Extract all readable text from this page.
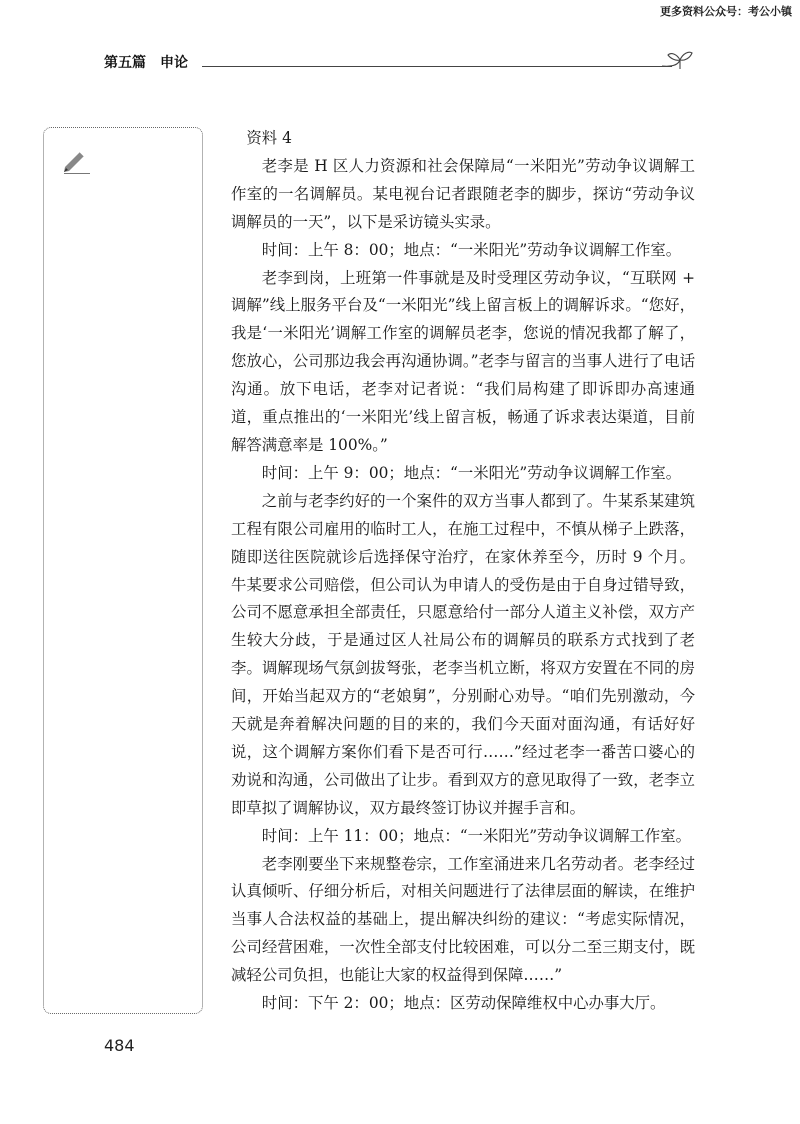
更多资料公众号：考公小镇
第五篇 申论

资料 4

老李是 H 区人力资源和社会保障局“一米阳光”劳动争议调解工作室的一名调解员。某电视台记者跟随老李的脚步，探访“劳动争议调解员的一天”，以下是采访镜头实录。

时间：上午 8：00；地点：“一米阳光”劳动争议调解工作室。

老李到岗，上班第一件事就是及时受理区劳动争议，“互联网 + 调解”线上服务平台及“一米阳光”线上留言板上的调解诉求。“您好，我是‘一米阳光’调解工作室的调解员老李，您说的情况我都了解了，您放心，公司那边我会再沟通协调。”老李与留言的当事人进行了电话沟通。放下电话，老李对记者说：“我们局构建了即诉即办高速通道，重点推出的‘一米阳光’线上留言板，畅通了诉求表达渠道，目前解答满意率是 100%。”

时间：上午 9：00；地点：“一米阳光”劳动争议调解工作室。

之前与老李约好的一个案件的双方当事人都到了。牛某系某建筑工程有限公司雇用的临时工人，在施工过程中，不慎从梯子上跌落，随即送往医院就诊后选择保守治疗，在家休养至今，历时 9 个月。牛某要求公司赔偿，但公司认为申请人的受伤是由于自身过错导致，公司不愿意承担全部责任，只愿意给付一部分人道主义补偿，双方产生较大分歧，于是通过区人社局公布的调解员的联系方式找到了老李。调解现场气氛剑拔弩张，老李当机立断，将双方安置在不同的房间，开始当起双方的“老娘舅”，分别耐心劝导。“咱们先别激动，今天就是奔着解决问题的目的来的，我们今天面对面沟通，有话好好说，这个调解方案你们看下是否可行……”经过老李一番苦口婆心的劝说和沟通，公司做出了让步。看到双方的意见取得了一致，老李立即草拟了调解协议，双方最终签订协议并握手言和。

时间：上午 11：00；地点：“一米阳光”劳动争议调解工作室。

老李刚要坐下来规整卷宗，工作室涌进来几名劳动者。老李经过认真倾听、仔细分析后，对相关问题进行了法律层面的解读，在维护当事人合法权益的基础上，提出解决纠纷的建议：“考虑实际情况，公司经营困难，一次性全部支付比较困难，可以分二至三期支付，既减轻公司负担，也能让大家的权益得到保障……”

时间：下午 2：00；地点：区劳动保障维权中心办事大厅。

484
